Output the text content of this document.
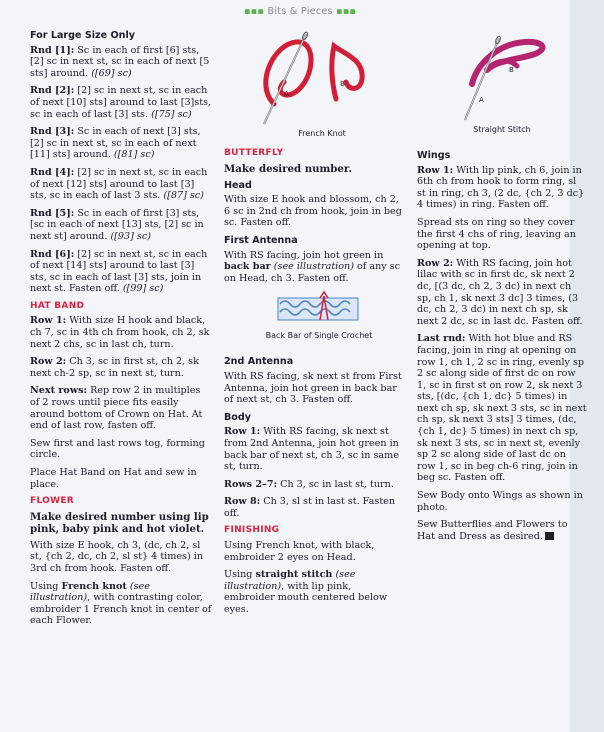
▪▪▪ Bits & Pieces ▪▪▪
For Large Size Only

Rnd [1]: Sc in each of first [6] sts, [2] sc in next st, sc in each of next [5 sts] around. ([69] sc)

Rnd [2]: [2] sc in next st, sc in each of next [10] sts] around to last [3]sts, sc in each of last [3] sts. ([75] sc)

Rnd [3]: Sc in each of next [3] sts, [2] sc in next st, sc in each of next [11] sts] around. ([81] sc)

Rnd [4]: [2] sc in next st, sc in each of next [12] sts] around to last [3] sts, sc in each of last 3 sts. ([87] sc)

Rnd [5]: Sc in each of first [3] sts, [sc in each of next [13] sts, [2] sc in next st] around. ([93] sc)

Rnd [6]: [2] sc in next st, sc in each of next [14] sts] around to last [3] sts, sc in each of last [3] sts, join in next st. Fasten off. ([99] sc)

HAT BAND

Row 1: With size H hook and black, ch 7, sc in 4th ch from hook, ch 2, sk next 2 chs, sc in last ch, turn.

Row 2: Ch 3, sc in first st, ch 2, sk next ch-2 sp, sc in next st, turn.

Next rows: Rep row 2 in multiples of 2 rows until piece fits easily around bottom of Crown on Hat. At end of last row, fasten off.

Sew first and last rows tog, forming circle.

Place Hat Band on Hat and sew in place.

FLOWER

Make desired number using lip pink, baby pink and hot violet.

With size E hook, ch 3, (dc, ch 2, sl st, {ch 2, dc, ch 2, sl st} 4 times) in 3rd ch from hook. Fasten off.

Using French knot (see illustration), with contrasting color, embroider 1 French knot in center of each Flower.

A
B
French Knot
BUTTERFLY

Make desired number.

Head

With size E hook and blossom, ch 2, 6 sc in 2nd ch from hook, join in beg sc. Fasten off.

First Antenna

With RS facing, join hot green in back bar (see illustration) of any sc on Head, ch 3. Fasten off.

Back Bar of Single Crochet
2nd Antenna

With RS facing, sk next st from First Antenna, join hot green in back bar of next st, ch 3. Fasten off.

Body

Row 1: With RS facing, sk next st from 2nd Antenna, join hot green in back bar of next st, ch 3, sc in same st, turn.

Rows 2–7: Ch 3, sc in last st, turn.

Row 8: Ch 3, sl st in last st. Fasten off.

FINISHING

Using French knot, with black, embroider 2 eyes on Head.

Using straight stitch (see illustration), with lip pink, embroider mouth centered below eyes.

A
B
Straight Stitch
Wings

Row 1: With lip pink, ch 6, join in 6th ch from hook to form ring, sl st in ring, ch 3, (2 dc, {ch 2, 3 dc} 4 times) in ring. Fasten off.

Spread sts on ring so they cover the first 4 chs of ring, leaving an opening at top.

Row 2: With RS facing, join hot lilac with sc in first dc, sk next 2 dc, [(3 dc, ch 2, 3 dc) in next ch sp, ch 1, sk next 3 dc] 3 times, (3 dc, ch 2, 3 dc) in next ch sp, sk next 2 dc, sc in last dc. Fasten off.

Last rnd: With hot blue and RS facing, join in ring at opening on row 1, ch 1, 2 sc in ring, evenly sp 2 sc along side of first dc on row 1, sc in first st on row 2, sk next 3 sts, [(dc, {ch 1, dc} 5 times) in next ch sp, sk next 3 sts, sc in next ch sp, sk next 3 sts] 3 times, (dc, {ch 1, dc} 5 times) in next ch sp, sk next 3 sts, sc in next st, evenly sp 2 sc along side of last dc on row 1, sc in beg ch-6 ring, join in beg sc. Fasten off.

Sew Body onto Wings as shown in photo.

Sew Butterflies and Flowers to Hat and Dress as desired.
